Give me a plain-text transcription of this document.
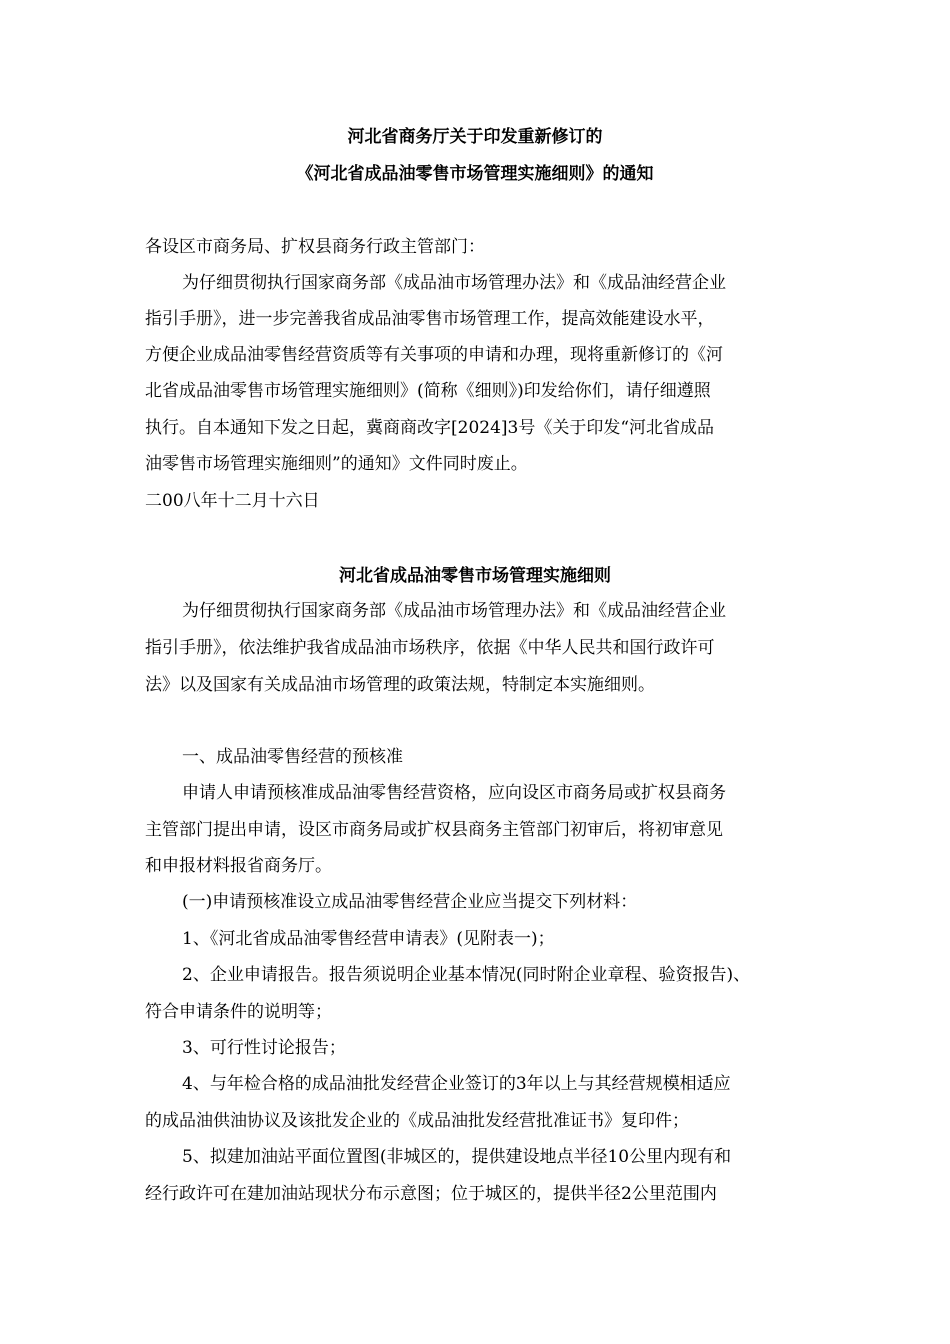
河北省商务厅关于印发重新修订的
《河北省成品油零售市场管理实施细则》的通知
各设区市商务局、扩权县商务行政主管部门：
为仔细贯彻执行国家商务部《成品油市场管理办法》和《成品油经营企业
指引手册》，进一步完善我省成品油零售市场管理工作，提高效能建设水平，
方便企业成品油零售经营资质等有关事项的申请和办理，现将重新修订的《河
北省成品油零售市场管理实施细则》(简称《细则》)印发给你们，请仔细遵照
执行。自本通知下发之日起，冀商商改字[2024]3号《关于印发“河北省成品
油零售市场管理实施细则”的通知》文件同时废止。
二00八年十二月十六日
河北省成品油零售市场管理实施细则
为仔细贯彻执行国家商务部《成品油市场管理办法》和《成品油经营企业
指引手册》，依法维护我省成品油市场秩序，依据《中华人民共和国行政许可
法》以及国家有关成品油市场管理的政策法规，特制定本实施细则。
一、成品油零售经营的预核准
申请人申请预核准成品油零售经营资格，应向设区市商务局或扩权县商务
主管部门提出申请，设区市商务局或扩权县商务主管部门初审后，将初审意见
和申报材料报省商务厅。
(一)申请预核准设立成品油零售经营企业应当提交下列材料：
1、《河北省成品油零售经营申请表》(见附表一)；
2、企业申请报告。报告须说明企业基本情况(同时附企业章程、验资报告)、
符合申请条件的说明等；
3、可行性讨论报告；
4、与年检合格的成品油批发经营企业签订的3年以上与其经营规模相适应
的成品油供油协议及该批发企业的《成品油批发经营批准证书》复印件；
5、拟建加油站平面位置图(非城区的，提供建设地点半径10公里内现有和
经行政许可在建加油站现状分布示意图；位于城区的，提供半径2公里范围内
